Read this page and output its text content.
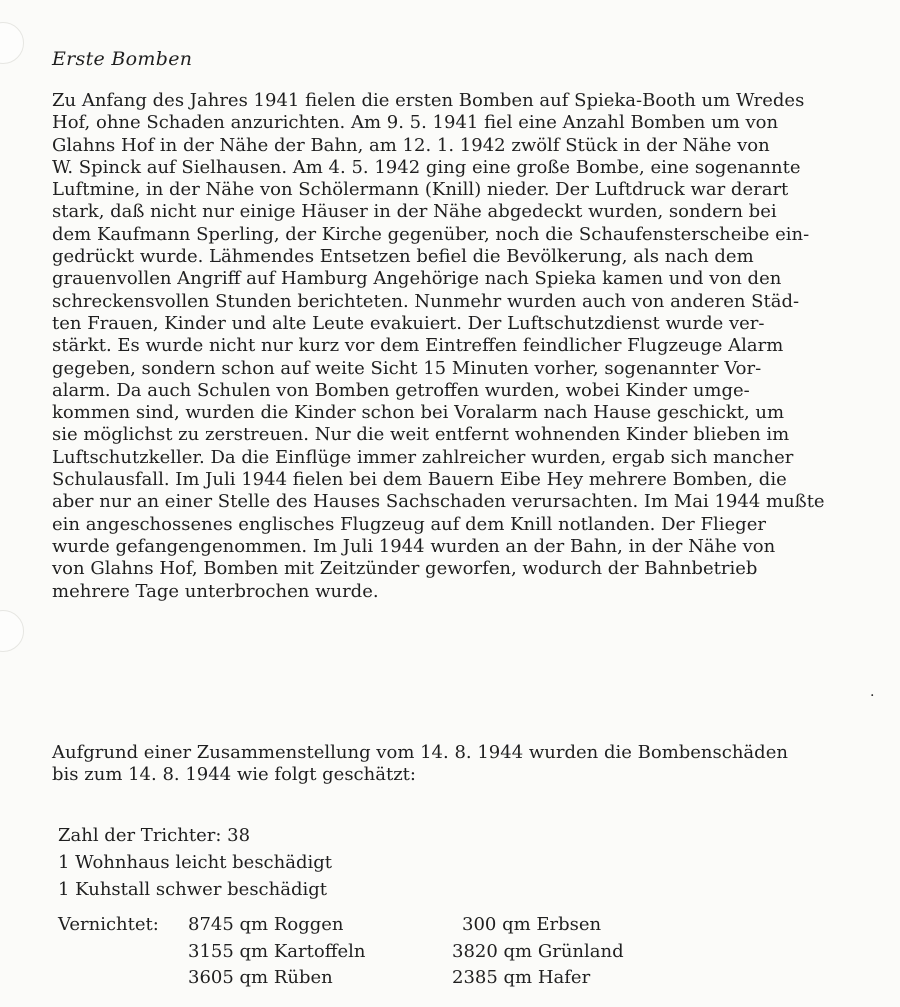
Erste Bomben
Zu Anfang des Jahres 1941 fielen die ersten Bomben auf Spieka-Booth um Wredes
Hof, ohne Schaden anzurichten. Am 9. 5. 1941 fiel eine Anzahl Bomben um von
Glahns Hof in der Nähe der Bahn, am 12. 1. 1942 zwölf Stück in der Nähe von
W. Spinck auf Sielhausen. Am 4. 5. 1942 ging eine große Bombe, eine sogenannte
Luftmine, in der Nähe von Schölermann (Knill) nieder. Der Luftdruck war derart
stark, daß nicht nur einige Häuser in der Nähe abgedeckt wurden, sondern bei
dem Kaufmann Sperling, der Kirche gegenüber, noch die Schaufensterscheibe ein-
gedrückt wurde. Lähmendes Entsetzen befiel die Bevölkerung, als nach dem
grauenvollen Angriff auf Hamburg Angehörige nach Spieka kamen und von den
schreckensvollen Stunden berichteten. Nunmehr wurden auch von anderen Städ-
ten Frauen, Kinder und alte Leute evakuiert. Der Luftschutzdienst wurde ver-
stärkt. Es wurde nicht nur kurz vor dem Eintreffen feindlicher Flugzeuge Alarm
gegeben, sondern schon auf weite Sicht 15 Minuten vorher, sogenannter Vor-
alarm. Da auch Schulen von Bomben getroffen wurden, wobei Kinder umge-
kommen sind, wurden die Kinder schon bei Voralarm nach Hause geschickt, um
sie möglichst zu zerstreuen. Nur die weit entfernt wohnenden Kinder blieben im
Luftschutzkeller. Da die Einflüge immer zahlreicher wurden, ergab sich mancher
Schulausfall. Im Juli 1944 fielen bei dem Bauern Eibe Hey mehrere Bomben, die
aber nur an einer Stelle des Hauses Sachschaden verursachten. Im Mai 1944 mußte
ein angeschossenes englisches Flugzeug auf dem Knill notlanden. Der Flieger
wurde gefangengenommen. Im Juli 1944 wurden an der Bahn, in der Nähe von
von Glahns Hof, Bomben mit Zeitzünder geworfen, wodurch der Bahnbetrieb
mehrere Tage unterbrochen wurde.
.
Aufgrund einer Zusammenstellung vom 14. 8. 1944 wurden die Bombenschäden
bis zum 14. 8. 1944 wie folgt geschätzt:
Zahl der Trichter: 38
1 Wohnhaus leicht beschädigt
1 Kuhstall schwer beschädigt
Vernichtet: 8745 qm Roggen
3155 qm Kartoffeln
3605 qm Rüben
300 qm Erbsen
3820 qm Grünland
2385 qm Hafer
